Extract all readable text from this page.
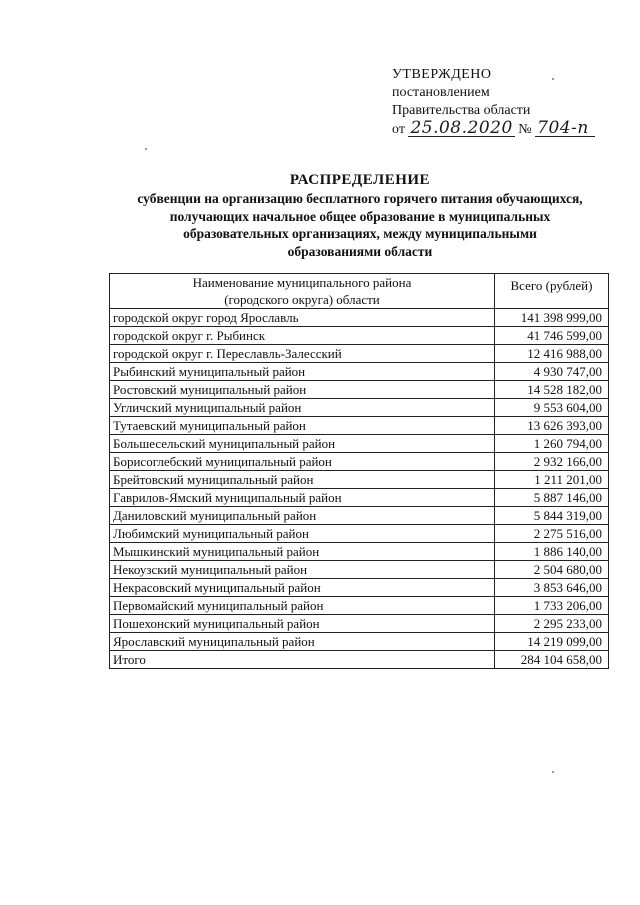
УТВЕРЖДЕНО
постановлением
Правительства области
от 25.08.2020 № 704-п
РАСПРЕДЕЛЕНИЕ
субвенции на организацию бесплатного горячего питания обучающихся,
получающих начальное общее образование в муниципальных
образовательных организациях, между муниципальными
образованиями области
Наименование муниципального района
(городского округа) области	Всего (рублей)
городской округ город Ярославль	141 398 999,00
городской округ г. Рыбинск	41 746 599,00
городской округ г. Переславль-Залесский	12 416 988,00
Рыбинский муниципальный район	4 930 747,00
Ростовский муниципальный район	14 528 182,00
Угличский муниципальный район	9 553 604,00
Тутаевский муниципальный район	13 626 393,00
Большесельский муниципальный район	1 260 794,00
Борисоглебский муниципальный район	2 932 166,00
Брейтовский муниципальный район	1 211 201,00
Гаврилов-Ямский муниципальный район	5 887 146,00
Даниловский муниципальный район	5 844 319,00
Любимский муниципальный район	2 275 516,00
Мышкинский муниципальный район	1 886 140,00
Некоузский муниципальный район	2 504 680,00
Некрасовский муниципальный район	3 853 646,00
Первомайский муниципальный район	1 733 206,00
Пошехонский муниципальный район	2 295 233,00
Ярославский муниципальный район	14 219 099,00
Итого	284 104 658,00
